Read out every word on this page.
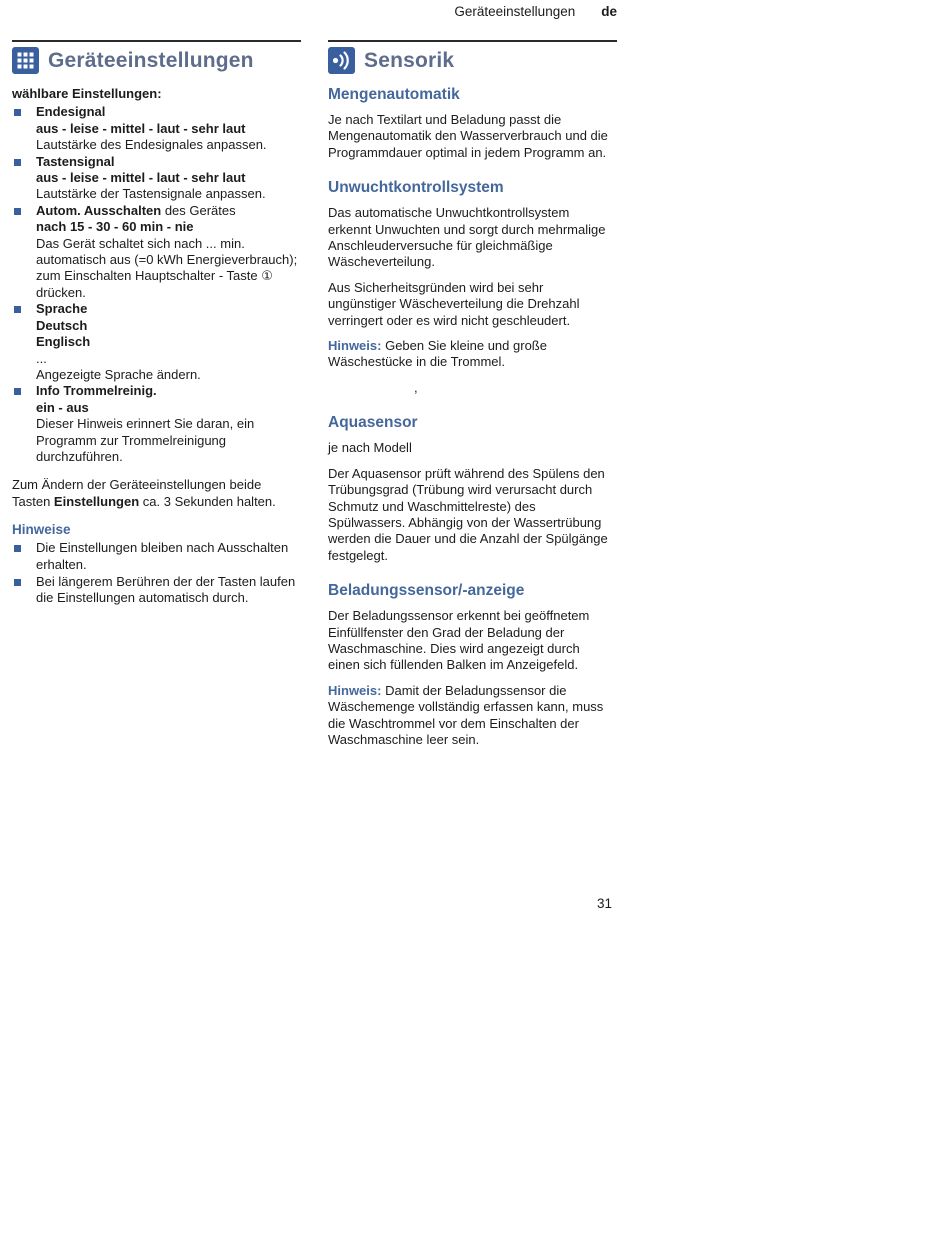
Geräteeinstellungen de
Geräteeinstellungen
wählbare Einstellungen:
Endesignal
aus - leise - mittel - laut - sehr laut
Lautstärke des Endesignales anpassen.
Tastensignal
aus - leise - mittel - laut - sehr laut
Lautstärke der Tastensignale anpassen.
Autom. Ausschalten des Gerätes
nach 15 - 30 - 60 min - nie
Das Gerät schaltet sich nach ... min. automatisch aus (=0 kWh Energieverbrauch); zum Einschalten Hauptschalter - Taste ① drücken.
Sprache
Deutsch
Englisch
...
Angezeigte Sprache ändern.
Info Trommelreinig.
ein - aus
Dieser Hinweis erinnert Sie daran, ein Programm zur Trommelreinigung durchzuführen.
Zum Ändern der Geräteeinstellungen beide Tasten Einstellungen ca. 3 Sekunden halten.
Hinweise
Die Einstellungen bleiben nach Ausschalten erhalten.
Bei längerem Berühren der der Tasten laufen die Einstellungen automatisch durch.
Sensorik
Mengenautomatik

Je nach Textilart und Beladung passt die Mengenautomatik den Wasserverbrauch und die Programmdauer optimal in jedem Programm an.

Unwuchtkontrollsystem

Das automatische Unwuchtkontrollsystem erkennt Unwuchten und sorgt durch mehrmalige Anschleuderversuche für gleichmäßige Wäscheverteilung.

Aus Sicherheitsgründen wird bei sehr ungünstiger Wäscheverteilung die Drehzahl verringert oder es wird nicht geschleudert.

Hinweis: Geben Sie kleine und große Wäschestücke in die Trommel.

,
Aquasensor

je nach Modell

Der Aquasensor prüft während des Spülens den Trübungsgrad (Trübung wird verursacht durch Schmutz und Waschmittelreste) des Spülwassers. Abhängig von der Wassertrübung werden die Dauer und die Anzahl der Spülgänge festgelegt.

Beladungssensor/-anzeige

Der Beladungssensor erkennt bei geöffnetem Einfüllfenster den Grad der Beladung der Waschmaschine. Dies wird angezeigt durch einen sich füllenden Balken im Anzeigefeld.

Hinweis: Damit der Beladungssensor die Wäschemenge vollständig erfassen kann, muss die Waschtrommel vor dem Einschalten der Waschmaschine leer sein.

31
